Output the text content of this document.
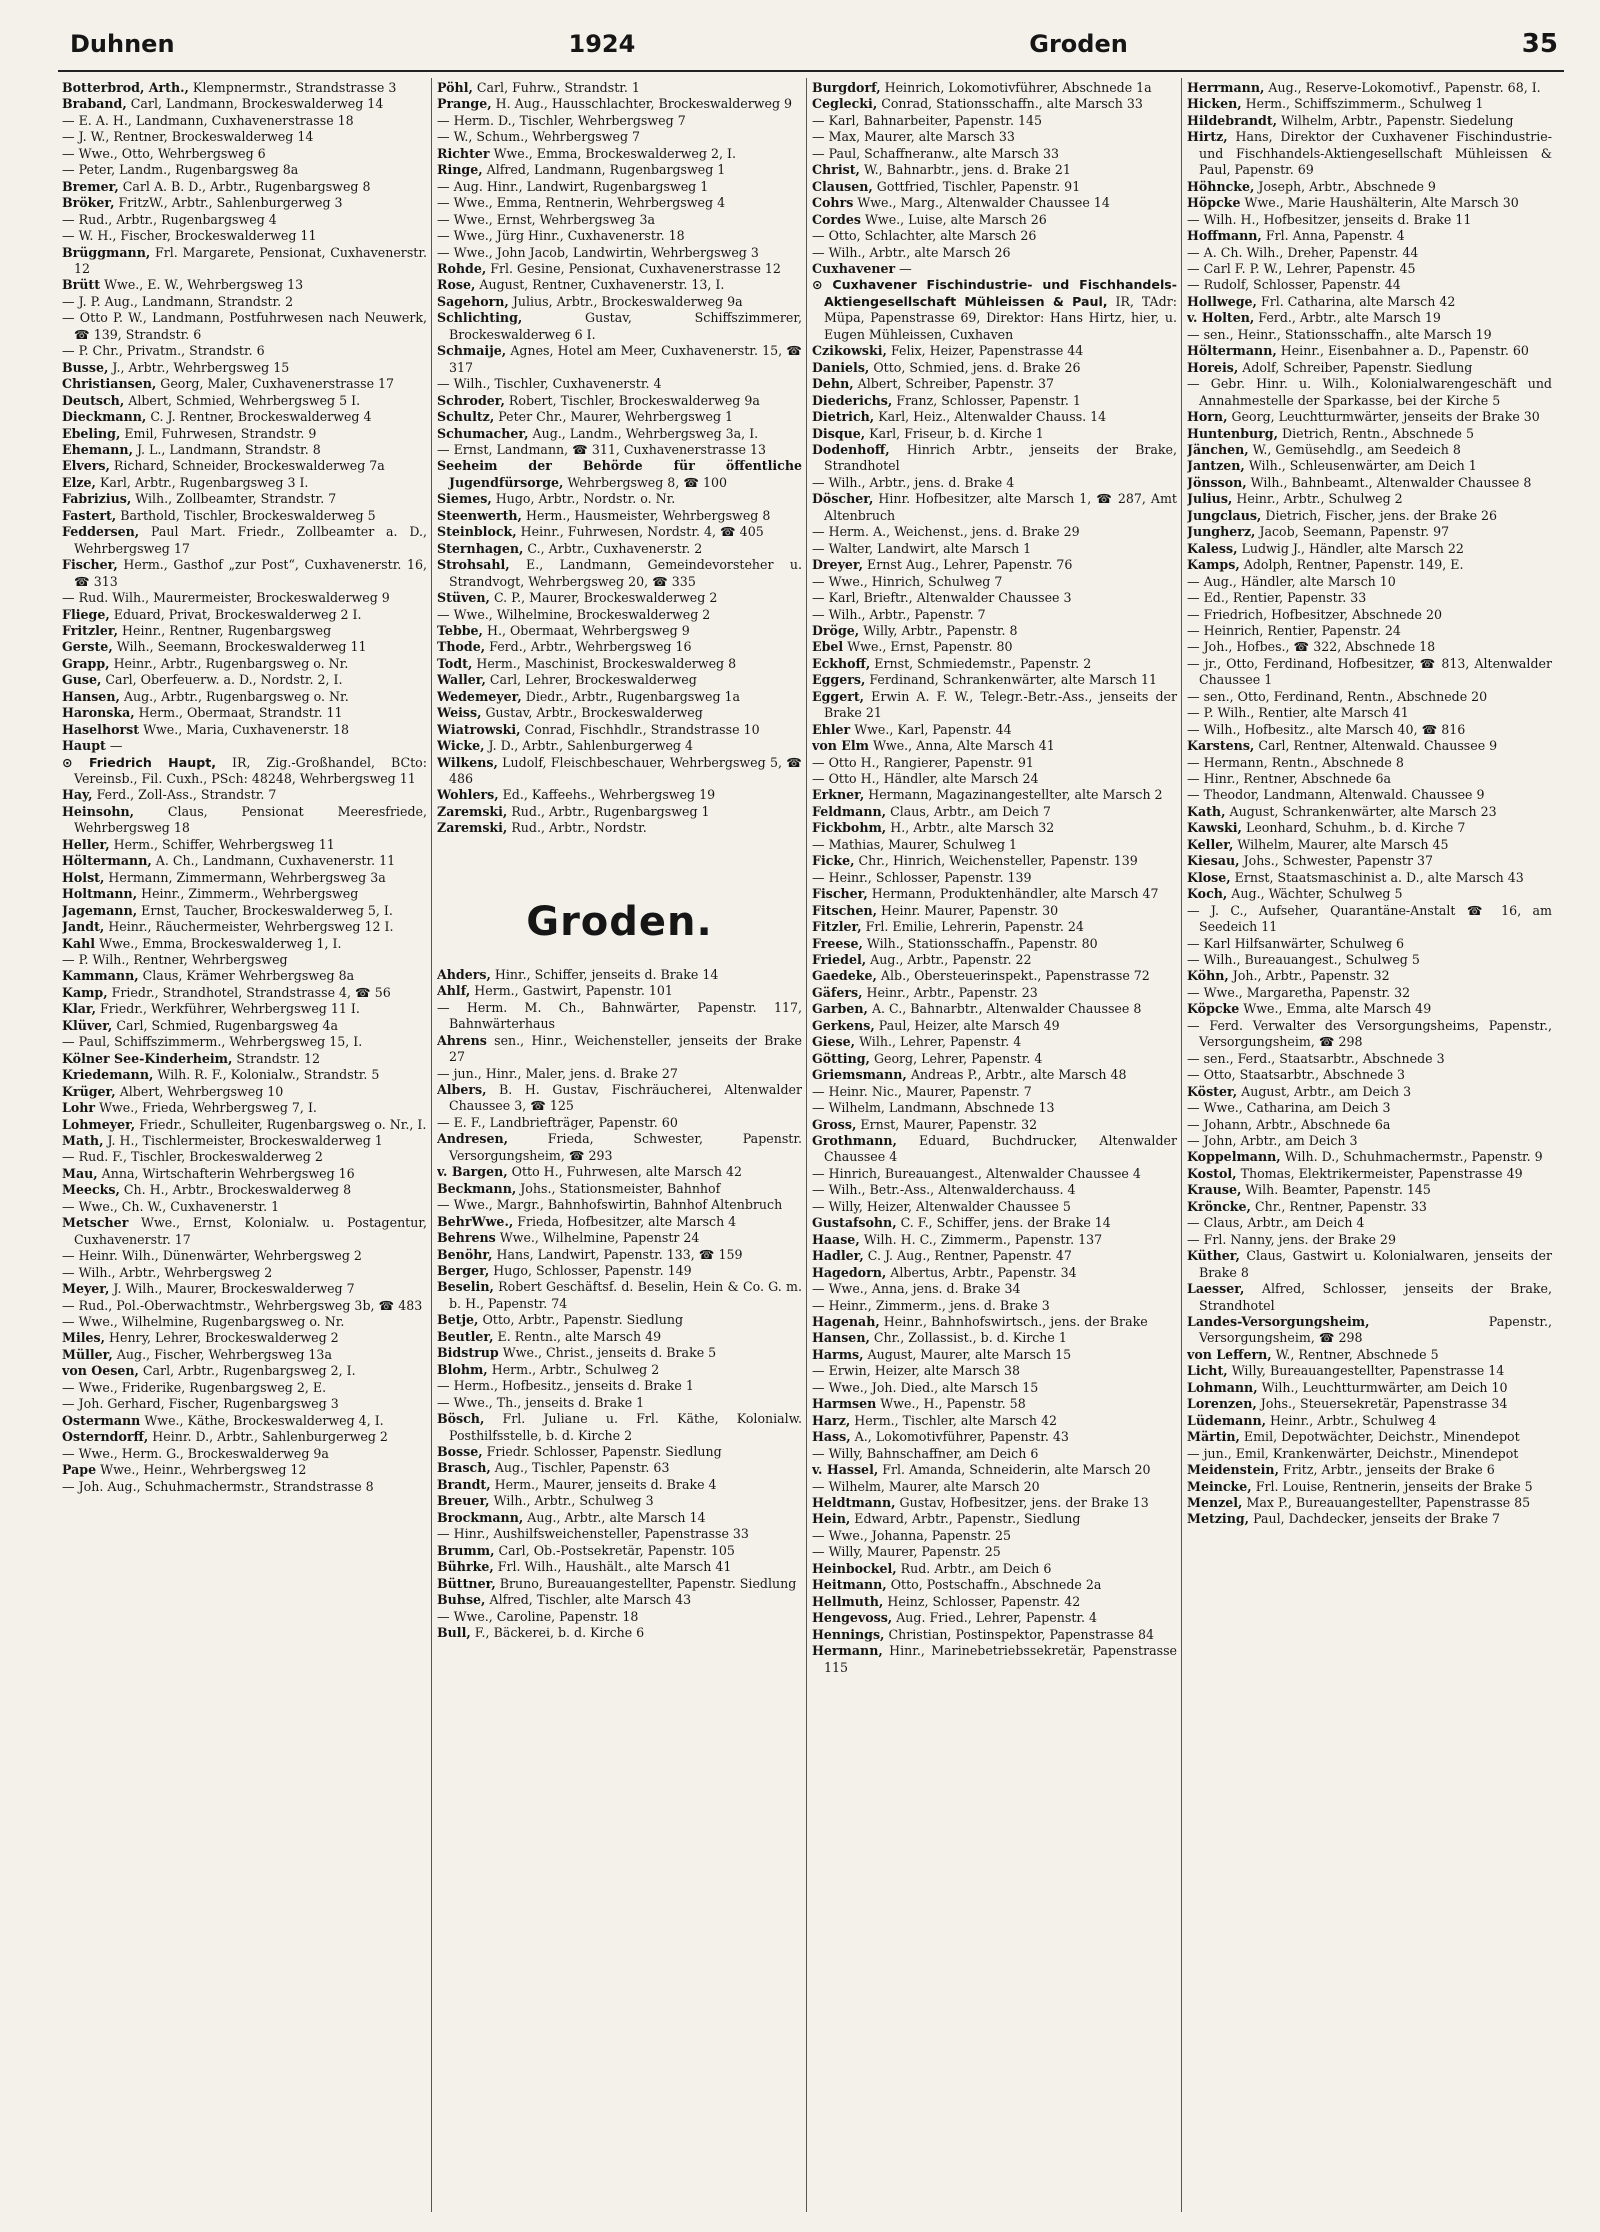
Duhnen	1924	Groden	35

Botterbrod, Arth., Klempnermstr., Strandstrasse 3

Braband, Carl, Landmann, Brockeswalderweg 14

— E. A. H., Landmann, Cuxhavenerstrasse 18

— J. W., Rentner, Brockeswalderweg 14

— Wwe., Otto, Wehrbergsweg 6

— Peter, Landm., Rugenbargsweg 8a

Bremer, Carl A. B. D., Arbtr., Rugenbargsweg 8

Bröker, FritzW., Arbtr., Sahlenburgerweg 3

— Rud., Arbtr., Rugenbargsweg 4

— W. H., Fischer, Brockeswalderweg 11

Brüggmann, Frl. Margarete, Pensionat, Cuxhavenerstr. 12

Brütt Wwe., E. W., Wehrbergsweg 13

— J. P. Aug., Landmann, Strandstr. 2

— Otto P. W., Landmann, Postfuhrwesen nach Neuwerk, ☎ 139, Strandstr. 6

— P. Chr., Privatm., Strandstr. 6

Busse, J., Arbtr., Wehrbergsweg 15

Christiansen, Georg, Maler, Cuxhavenerstrasse 17

Deutsch, Albert, Schmied, Wehrbergsweg 5 I.

Dieckmann, C. J. Rentner, Brockeswalderweg 4

Ebeling, Emil, Fuhrwesen, Strandstr. 9

Ehemann, J. L., Landmann, Strandstr. 8

Elvers, Richard, Schneider, Brockeswalderweg 7a

Elze, Karl, Arbtr., Rugenbargsweg 3 I.

Fabrizius, Wilh., Zollbeamter, Strandstr. 7

Fastert, Barthold, Tischler, Brockeswalderweg 5

Feddersen, Paul Mart. Friedr., Zollbeamter a. D., Wehrbergsweg 17

Fischer, Herm., Gasthof „zur Post“, Cuxhavenerstr. 16, ☎ 313

— Rud. Wilh., Maurermeister, Brockeswalderweg 9

Fliege, Eduard, Privat, Brockeswalderweg 2 I.

Fritzler, Heinr., Rentner, Rugenbargsweg

Gerste, Wilh., Seemann, Brockeswalderweg 11

Grapp, Heinr., Arbtr., Rugenbargsweg o. Nr.

Guse, Carl, Oberfeuerw. a. D., Nordstr. 2, I.

Hansen, Aug., Arbtr., Rugenbargsweg o. Nr.

Haronska, Herm., Obermaat, Strandstr. 11

Haselhorst Wwe., Maria, Cuxhavenerstr. 18

Haupt —

⊙ Friedrich Haupt, IR, Zig.-Großhandel, BCto: Vereinsb., Fil. Cuxh., PSch: 48248, Wehrbergsweg 11

Hay, Ferd., Zoll-Ass., Strandstr. 7

Heinsohn,	Claus, Pensionat Meeresfriede, Wehrbergsweg 18

Heller, Herm., Schiffer, Wehrbergsweg 11

Höltermann, A. Ch., Landmann, Cuxhavenerstr. 11

Holst, Hermann, Zimmermann, Wehrbergsweg 3a

Holtmann, Heinr., Zimmerm., Wehrbergsweg

Jagemann, Ernst, Taucher, Brockeswalderweg 5, I.

Jandt, Heinr., Räuchermeister, Wehrbergsweg 12 I.

Kahl Wwe., Emma, Brockeswalderweg 1, I.

— P. Wilh., Rentner, Wehrbergsweg

Kammann, Claus, Krämer Wehrbergsweg 8a

Kamp, Friedr., Strandhotel, Strandstrasse 4, ☎ 56

Klar, Friedr., Werkführer, Wehrbergsweg 11 I.

Klüver, Carl, Schmied, Rugenbargsweg 4a

— Paul, Schiffszimmerm., Wehrbergsweg 15, I.

Kölner See-Kinderheim, Strandstr. 12

Kriedemann, Wilh. R. F., Kolonialw., Strandstr. 5

Krüger, Albert, Wehrbergsweg 10

Lohr Wwe., Frieda, Wehrbergsweg 7, I.

Lohmeyer, Friedr., Schulleiter, Rugenbargsweg o. Nr., I.

Math, J. H., Tischlermeister, Brockeswalderweg 1

— Rud. F., Tischler, Brockeswalderweg 2

Mau, Anna, Wirtschafterin Wehrbergsweg 16

Meecks, Ch. H., Arbtr., Brockeswalderweg 8

— Wwe., Ch. W., Cuxhavenerstr. 1

Metscher Wwe., Ernst, Kolonialw. u. Postagentur, Cuxhavenerstr. 17

— Heinr. Wilh., Dünenwärter, Wehrbergsweg 2

— Wilh., Arbtr., Wehrbergsweg 2

Meyer, J. Wilh., Maurer, Brockeswalderweg 7

— Rud., Pol.-Oberwachtmstr., Wehrbergsweg 3b, ☎ 483

— Wwe., Wilhelmine, Rugenbargsweg o. Nr.

Miles, Henry, Lehrer, Brockeswalderweg 2

Müller, Aug., Fischer, Wehrbergsweg 13a

von Oesen, Carl, Arbtr., Rugenbargsweg 2, I.

— Wwe., Friderike, Rugenbargsweg 2, E.

— Joh. Gerhard, Fischer, Rugenbargsweg 3

Ostermann Wwe., Käthe, Brockeswalderweg 4, I.

Osterndorff, Heinr. D., Arbtr., Sahlenburgerweg 2

— Wwe., Herm. G., Brockeswalderweg 9a

Pape Wwe., Heinr., Wehrbergsweg 12

— Joh. Aug., Schuhmachermstr., Strandstrasse 8

Pöhl, Carl, Fuhrw., Strandstr. 1

Prange, H. Aug., Hausschlachter, Brockeswalderweg 9

— Herm. D., Tischler, Wehrbergsweg 7

— W., Schum., Wehrbergsweg 7

Richter Wwe., Emma, Brockeswalderweg 2, I.

Ringe, Alfred, Landmann, Rugenbargsweg 1

— Aug. Hinr., Landwirt, Rugenbargsweg 1

— Wwe., Emma, Rentnerin, Wehrbergsweg 4

— Wwe., Ernst, Wehrbergsweg 3a

— Wwe., Jürg Hinr., Cuxhavenerstr. 18

— Wwe., John Jacob, Landwirtin, Wehrbergsweg 3

Rohde, Frl. Gesine, Pensionat, Cuxhavenerstrasse 12

Rose, August, Rentner, Cuxhavenerstr. 13, I.

Sagehorn, Julius, Arbtr., Brockeswalderweg 9a

Schlichting,	Gustav, Schiffszimmerer, Brockeswalderweg 6 I.

Schmaije, Agnes, Hotel am Meer, Cuxhavenerstr. 15, ☎ 317

— Wilh., Tischler, Cuxhavenerstr. 4

Schroder, Robert, Tischler, Brockeswalderweg 9a

Schultz, Peter Chr., Maurer, Wehrbergsweg 1

Schumacher, Aug., Landm., Wehrbergsweg 3a, I.

— Ernst, Landmann, ☎ 311, Cuxhavenerstrasse 13

Seeheim der Behörde für öffentliche Jugendfürsorge, Wehrbergsweg 8, ☎ 100

Siemes, Hugo, Arbtr., Nordstr. o. Nr.

Steenwerth, Herm., Hausmeister, Wehrbergsweg 8

Steinblock, Heinr., Fuhrwesen, Nordstr. 4, ☎ 405

Sternhagen, C., Arbtr., Cuxhavenerstr. 2

Strohsahl, E., Landmann, Gemeindevorsteher u. Strandvogt, Wehrbergsweg 20, ☎ 335

Stüven, C. P., Maurer, Brockeswalderweg 2

— Wwe., Wilhelmine, Brockeswalderweg 2

Tebbe, H., Obermaat, Wehrbergsweg 9

Thode, Ferd., Arbtr., Wehrbergsweg 16

Todt, Herm., Maschinist, Brockeswalderweg 8

Waller, Carl, Lehrer, Brockeswalderweg

Wedemeyer, Diedr., Arbtr., Rugenbargsweg 1a

Weiss, Gustav, Arbtr., Brockeswalderweg

Wiatrowski, Conrad, Fischhdlr., Strandstrasse 10

Wicke, J. D., Arbtr., Sahlenburgerweg 4

Wilkens, Ludolf, Fleischbeschauer, Wehrbergsweg 5, ☎ 486

Wohlers, Ed., Kaffeehs., Wehrbergsweg 19

Zaremski, Rud., Arbtr., Rugenbargsweg 1

Zaremski, Rud., Arbtr., Nordstr.

Groden.

Ahders, Hinr., Schiffer, jenseits d. Brake 14

Ahlf, Herm., Gastwirt, Papenstr. 101

— Herm. M. Ch., Bahnwärter, Papenstr. 117, Bahnwärterhaus

Ahrens sen., Hinr., Weichensteller, jenseits der Brake 27

— jun., Hinr., Maler, jens. d. Brake 27

Albers, B. H. Gustav, Fischräucherei, Altenwalder Chaussee 3, ☎ 125

— E. F., Landbriefträger, Papenstr. 60

Andresen,	Frieda, Schwester, Papenstr. Versorgungsheim, ☎ 293

v. Bargen, Otto H., Fuhrwesen, alte Marsch 42

Beckmann, Johs., Stationsmeister, Bahnhof

— Wwe., Margr., Bahnhofswirtin, Bahnhof Altenbruch

BehrWwe., Frieda, Hofbesitzer, alte Marsch 4

Behrens Wwe., Wilhelmine, Papenstr 24

Benöhr, Hans, Landwirt, Papenstr. 133, ☎ 159

Berger, Hugo, Schlosser, Papenstr. 149

Beselin, Robert Geschäftsf. d. Beselin, Hein & Co. G. m. b. H., Papenstr. 74

Betje, Otto, Arbtr., Papenstr. Siedlung

Beutler, E. Rentn., alte Marsch 49

Bidstrup Wwe., Christ., jenseits d. Brake 5

Blohm, Herm., Arbtr., Schulweg 2

— Herm., Hofbesitz., jenseits d. Brake 1

— Wwe., Th., jenseits d. Brake 1

Bösch, Frl. Juliane u. Frl. Käthe, Kolonialw. Posthilfsstelle, b. d. Kirche 2

Bosse, Friedr. Schlosser, Papenstr. Siedlung

Brasch, Aug., Tischler, Papenstr. 63

Brandt, Herm., Maurer, jenseits d. Brake 4

Breuer, Wilh., Arbtr., Schulweg 3

Brockmann, Aug., Arbtr., alte Marsch 14

— Hinr., Aushilfsweichensteller, Papenstrasse 33

Brumm, Carl, Ob.-Postsekretär, Papenstr. 105

Bührke, Frl. Wilh., Haushält., alte Marsch 41

Büttner, Bruno, Bureauangestellter, Papenstr. Siedlung

Buhse, Alfred, Tischler, alte Marsch 43

— Wwe., Caroline, Papenstr. 18

Bull, F., Bäckerei, b. d. Kirche 6

Burgdorf, Heinrich, Lokomotivführer, Abschnede 1a

Ceglecki, Conrad, Stationsschaffn., alte Marsch 33

— Karl, Bahnarbeiter, Papenstr. 145

— Max, Maurer, alte Marsch 33

— Paul, Schaffneranw., alte Marsch 33

Christ, W., Bahnarbtr., jens. d. Brake 21

Clausen, Gottfried, Tischler, Papenstr. 91

Cohrs Wwe., Marg., Altenwalder Chaussee 14

Cordes Wwe., Luise, alte Marsch 26

— Otto, Schlachter, alte Marsch 26

— Wilh., Arbtr., alte Marsch 26

Cuxhavener —

⊙ Cuxhavener Fischindustrie- und Fischhandels-Aktiengesellschaft Mühleissen & Paul, IR, TAdr: Müpa, Papenstrasse 69, Direktor: Hans Hirtz, hier, u. Eugen Mühleissen, Cuxhaven

Czikowski, Felix, Heizer, Papenstrasse 44

Daniels, Otto, Schmied, jens. d. Brake 26

Dehn, Albert, Schreiber, Papenstr. 37

Diederichs, Franz, Schlosser, Papenstr. 1

Dietrich, Karl, Heiz., Altenwalder Chauss. 14

Disque, Karl, Friseur, b. d. Kirche 1

Dodenhoff, Hinrich Arbtr., jenseits der Brake, Strandhotel

— Wilh., Arbtr., jens. d. Brake 4

Döscher, Hinr. Hofbesitzer, alte Marsch 1, ☎ 287, Amt Altenbruch

— Herm. A., Weichenst., jens. d. Brake 29

— Walter, Landwirt, alte Marsch 1

Dreyer, Ernst Aug., Lehrer, Papenstr. 76

— Wwe., Hinrich, Schulweg 7

— Karl, Brieftr., Altenwalder Chaussee 3

— Wilh., Arbtr., Papenstr. 7

Dröge, Willy, Arbtr., Papenstr. 8

Ebel Wwe., Ernst, Papenstr. 80

Eckhoff, Ernst, Schmiedemstr., Papenstr. 2

Eggers, Ferdinand, Schrankenwärter, alte Marsch 11

Eggert, Erwin A. F. W., Telegr.-Betr.-Ass., jenseits der Brake 21

Ehler Wwe., Karl, Papenstr. 44

von Elm Wwe., Anna, Alte Marsch 41

— Otto H., Rangierer, Papenstr. 91

— Otto H., Händler, alte Marsch 24

Erkner, Hermann, Magazinangestellter, alte Marsch 2

Feldmann, Claus, Arbtr., am Deich 7

Fickbohm, H., Arbtr., alte Marsch 32

— Mathias, Maurer, Schulweg 1

Ficke, Chr., Hinrich, Weichensteller, Papenstr. 139

— Heinr., Schlosser, Papenstr. 139

Fischer, Hermann, Produktenhändler, alte Marsch 47

Fitschen, Heinr. Maurer, Papenstr. 30

Fitzler, Frl. Emilie, Lehrerin, Papenstr. 24

Freese, Wilh., Stationsschaffn., Papenstr. 80

Friedel, Aug., Arbtr., Papenstr. 22

Gaedeke, Alb., Obersteuerinspekt., Papenstrasse 72

Gäfers, Heinr., Arbtr., Papenstr. 23

Garben, A. C., Bahnarbtr., Altenwalder Chaussee 8

Gerkens, Paul, Heizer, alte Marsch 49

Giese, Wilh., Lehrer, Papenstr. 4

Götting, Georg, Lehrer, Papenstr. 4

Griemsmann, Andreas P., Arbtr., alte Marsch 48

— Heinr. Nic., Maurer, Papenstr. 7

— Wilhelm, Landmann, Abschnede 13

Gross, Ernst, Maurer, Papenstr. 32

Grothmann, Eduard, Buchdrucker, Altenwalder Chaussee 4

— Hinrich, Bureauangest., Altenwalder Chaussee 4

— Wilh., Betr.-Ass., Altenwalderchauss. 4

— Willy, Heizer, Altenwalder Chaussee 5

Gustafsohn, C. F., Schiffer, jens. der Brake 14

Haase, Wilh. H. C., Zimmerm., Papenstr. 137

Hadler, C. J. Aug., Rentner, Papenstr. 47

Hagedorn, Albertus, Arbtr., Papenstr. 34

— Wwe., Anna, jens. d. Brake 34

— Heinr., Zimmerm., jens. d. Brake 3

Hagenah, Heinr., Bahnhofswirtsch., jens. der Brake

Hansen, Chr., Zollassist., b. d. Kirche 1

Harms, August, Maurer, alte Marsch 15

— Erwin, Heizer, alte Marsch 38

— Wwe., Joh. Died., alte Marsch 15

Harmsen Wwe., H., Papenstr. 58

Harz, Herm., Tischler, alte Marsch 42

Hass, A., Lokomotivführer, Papenstr. 43

— Willy, Bahnschaffner, am Deich 6

v. Hassel, Frl. Amanda, Schneiderin, alte Marsch 20

— Wilhelm, Maurer, alte Marsch 20

Heldtmann, Gustav, Hofbesitzer, jens. der Brake 13

Hein, Edward, Arbtr., Papenstr., Siedlung

— Wwe., Johanna, Papenstr. 25

— Willy, Maurer, Papenstr. 25

Heinbockel, Rud. Arbtr., am Deich 6

Heitmann, Otto, Postschaffn., Abschnede 2a

Hellmuth, Heinz, Schlosser, Papenstr. 42

Hengevoss, Aug. Fried., Lehrer, Papenstr. 4

Hennings, Christian, Postinspektor, Papenstrasse 84

Hermann, Hinr., Marinebetriebssekretär, Papenstrasse 115

Herrmann, Aug., Reserve-Lokomotivf., Papenstr. 68, I.

Hicken, Herm., Schiffszimmerm., Schulweg 1

Hildebrandt, Wilhelm, Arbtr., Papenstr. Siedelung

Hirtz, Hans, Direktor der Cuxhavener Fischindustrie- und Fischhandels-Aktiengesellschaft Mühleissen & Paul, Papenstr. 69

Höhncke, Joseph, Arbtr., Abschnede 9

Höpcke Wwe., Marie Haushälterin, Alte Marsch 30

— Wilh. H., Hofbesitzer, jenseits d. Brake 11

Hoffmann, Frl. Anna, Papenstr. 4

— A. Ch. Wilh., Dreher, Papenstr. 44

— Carl F. P. W., Lehrer, Papenstr. 45

— Rudolf, Schlosser, Papenstr. 44

Hollwege, Frl. Catharina, alte Marsch 42

v. Holten, Ferd., Arbtr., alte Marsch 19

— sen., Heinr., Stationsschaffn., alte Marsch 19

Höltermann, Heinr., Eisenbahner a. D., Papenstr. 60

Horeis, Adolf, Schreiber, Papenstr. Siedlung

— Gebr. Hinr. u. Wilh., Kolonialwarengeschäft und Annahmestelle der Sparkasse, bei der Kirche 5

Horn, Georg, Leuchtturmwärter, jenseits der Brake 30

Huntenburg, Dietrich, Rentn., Abschnede 5

Jänchen, W., Gemüsehdlg., am Seedeich 8

Jantzen, Wilh., Schleusenwärter, am Deich 1

Jönsson, Wilh., Bahnbeamt., Altenwalder Chaussee 8

Julius, Heinr., Arbtr., Schulweg 2

Jungclaus, Dietrich, Fischer, jens. der Brake 26

Jungherz, Jacob, Seemann, Papenstr. 97

Kaless, Ludwig J., Händler, alte Marsch 22

Kamps, Adolph, Rentner, Papenstr. 149, E.

— Aug., Händler, alte Marsch 10

— Ed., Rentier, Papenstr. 33

— Friedrich, Hofbesitzer, Abschnede 20

— Heinrich, Rentier, Papenstr. 24

— Joh., Hofbes., ☎ 322, Abschnede 18

— jr., Otto, Ferdinand, Hofbesitzer, ☎ 813, Altenwalder Chaussee 1

— sen., Otto, Ferdinand, Rentn., Abschnede 20

— P. Wilh., Rentier, alte Marsch 41

— Wilh., Hofbesitz., alte Marsch 40, ☎ 816

Karstens, Carl, Rentner, Altenwald. Chaussee 9

— Hermann, Rentn., Abschnede 8

— Hinr., Rentner, Abschnede 6a

— Theodor, Landmann, Altenwald. Chaussee 9

Kath, August, Schrankenwärter, alte Marsch 23

Kawski, Leonhard, Schuhm., b. d. Kirche 7

Keller, Wilhelm, Maurer, alte Marsch 45

Kiesau, Johs., Schwester, Papenstr 37

Klose, Ernst, Staatsmaschinist a. D., alte Marsch 43

Koch, Aug., Wächter, Schulweg 5

— J. C., Aufseher, Quarantäne-Anstalt ☎ 16, am Seedeich 11

— Karl Hilfsanwärter, Schulweg 6

— Wilh., Bureauangest., Schulweg 5

Köhn, Joh., Arbtr., Papenstr. 32

— Wwe., Margaretha, Papenstr. 32

Köpcke Wwe., Emma, alte Marsch 49

— Ferd. Verwalter des Versorgungsheims, Papenstr., Versorgungsheim, ☎ 298

— sen., Ferd., Staatsarbtr., Abschnede 3

— Otto, Staatsarbtr., Abschnede 3

Köster, August, Arbtr., am Deich 3

— Wwe., Catharina, am Deich 3

— Johann, Arbtr., Abschnede 6a

— John, Arbtr., am Deich 3

Koppelmann, Wilh. D., Schuhmachermstr., Papenstr. 9

Kostol, Thomas, Elektrikermeister, Papenstrasse 49

Krause, Wilh. Beamter, Papenstr. 145

Kröncke, Chr., Rentner, Papenstr. 33

— Claus, Arbtr., am Deich 4

— Frl. Nanny, jens. der Brake 29

Küther, Claus, Gastwirt u. Kolonialwaren, jenseits der Brake 8

Laesser, Alfred, Schlosser, jenseits der Brake, Strandhotel

Landes-Versorgungsheim,	Papenstr., Versorgungsheim, ☎ 298

von Leffern, W., Rentner, Abschnede 5

Licht, Willy, Bureauangestellter, Papenstrasse 14

Lohmann, Wilh., Leuchtturmwärter, am Deich 10

Lorenzen, Johs., Steuersekretär, Papenstrasse 34

Lüdemann, Heinr., Arbtr., Schulweg 4

Märtin, Emil, Depotwächter, Deichstr., Minendepot

— jun., Emil, Krankenwärter, Deichstr., Minendepot

Meidenstein, Fritz, Arbtr., jenseits der Brake 6

Meincke, Frl. Louise, Rentnerin, jenseits der Brake 5

Menzel, Max P., Bureauangestellter, Papenstrasse 85

Metzing, Paul, Dachdecker, jenseits der Brake 7
